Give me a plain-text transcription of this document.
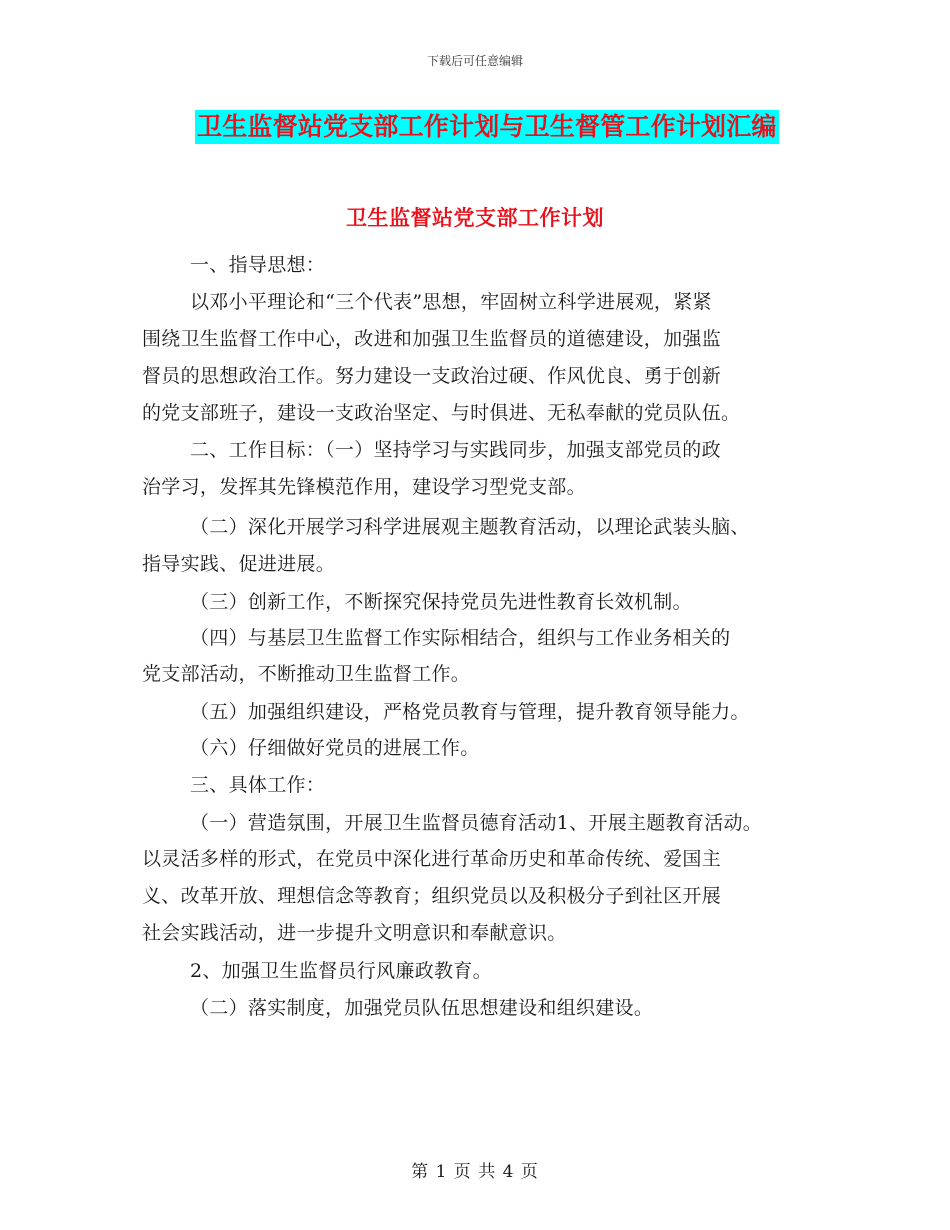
下载后可任意编辑
卫生监督站党支部工作计划与卫生督管工作计划汇编
卫生监督站党支部工作计划
一、指导思想：
以邓小平理论和“三个代表”思想，牢固树立科学进展观，紧紧
围绕卫生监督工作中心，改进和加强卫生监督员的道德建设，加强监
督员的思想政治工作。努力建设一支政治过硬、作风优良、勇于创新
的党支部班子，建设一支政治坚定、与时俱进、无私奉献的党员队伍。
二、工作目标：（一）坚持学习与实践同步，加强支部党员的政
治学习，发挥其先锋模范作用，建设学习型党支部。
（二）深化开展学习科学进展观主题教育活动，以理论武装头脑、
指导实践、促进进展。
（三）创新工作，不断探究保持党员先进性教育长效机制。
（四）与基层卫生监督工作实际相结合，组织与工作业务相关的
党支部活动，不断推动卫生监督工作。
（五）加强组织建设，严格党员教育与管理，提升教育领导能力。
（六）仔细做好党员的进展工作。
三、具体工作：
（一）营造氛围，开展卫生监督员德育活动1、开展主题教育活动。
以灵活多样的形式，在党员中深化进行革命历史和革命传统、爱国主
义、改革开放、理想信念等教育；组织党员以及积极分子到社区开展
社会实践活动，进一步提升文明意识和奉献意识。
2、加强卫生监督员行风廉政教育。
（二）落实制度，加强党员队伍思想建设和组织建设。
第 1 页 共 4 页
